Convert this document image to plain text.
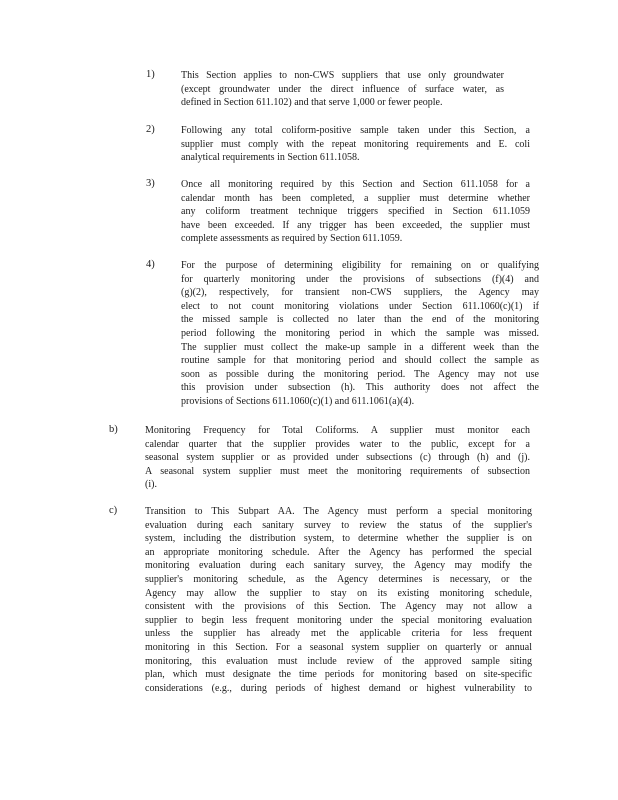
1)	This Section applies to non-CWS suppliers that use only groundwater
(except groundwater under the direct influence of surface water, as
defined in Section 611.102) and that serve 1,000 or fewer people.
2)	Following any total coliform-positive sample taken under this Section, a
supplier must comply with the repeat monitoring requirements and E. coli
analytical requirements in Section 611.1058.
3)	Once all monitoring required by this Section and Section 611.1058 for a
calendar month has been completed, a supplier must determine whether
any coliform treatment technique triggers specified in Section 611.1059
have been exceeded. If any trigger has been exceeded, the supplier must
complete assessments as required by Section 611.1059.
4)	For the purpose of determining eligibility for remaining on or qualifying
for quarterly monitoring under the provisions of subsections (f)(4) and
(g)(2), respectively, for transient non-CWS suppliers, the Agency may
elect to not count monitoring violations under Section 611.1060(c)(1) if
the missed sample is collected no later than the end of the monitoring
period following the monitoring period in which the sample was missed.
The supplier must collect the make-up sample in a different week than the
routine sample for that monitoring period and should collect the sample as
soon as possible during the monitoring period. The Agency may not use
this provision under subsection (h). This authority does not affect the
provisions of Sections 611.1060(c)(1) and 611.1061(a)(4).
b)	Monitoring Frequency for Total Coliforms. A supplier must monitor each
calendar quarter that the supplier provides water to the public, except for a
seasonal system supplier or as provided under subsections (c) through (h) and (j).
A seasonal system supplier must meet the monitoring requirements of subsection
(i).
c)	Transition to This Subpart AA. The Agency must perform a special monitoring
evaluation during each sanitary survey to review the status of the supplier's
system, including the distribution system, to determine whether the supplier is on
an appropriate monitoring schedule. After the Agency has performed the special
monitoring evaluation during each sanitary survey, the Agency may modify the
supplier's monitoring schedule, as the Agency determines is necessary, or the
Agency may allow the supplier to stay on its existing monitoring schedule,
consistent with the provisions of this Section. The Agency may not allow a
supplier to begin less frequent monitoring under the special monitoring evaluation
unless the supplier has already met the applicable criteria for less frequent
monitoring in this Section. For a seasonal system supplier on quarterly or annual
monitoring, this evaluation must include review of the approved sample siting
plan, which must designate the time periods for monitoring based on site-specific
considerations (e.g., during periods of highest demand or highest vulnerability to
